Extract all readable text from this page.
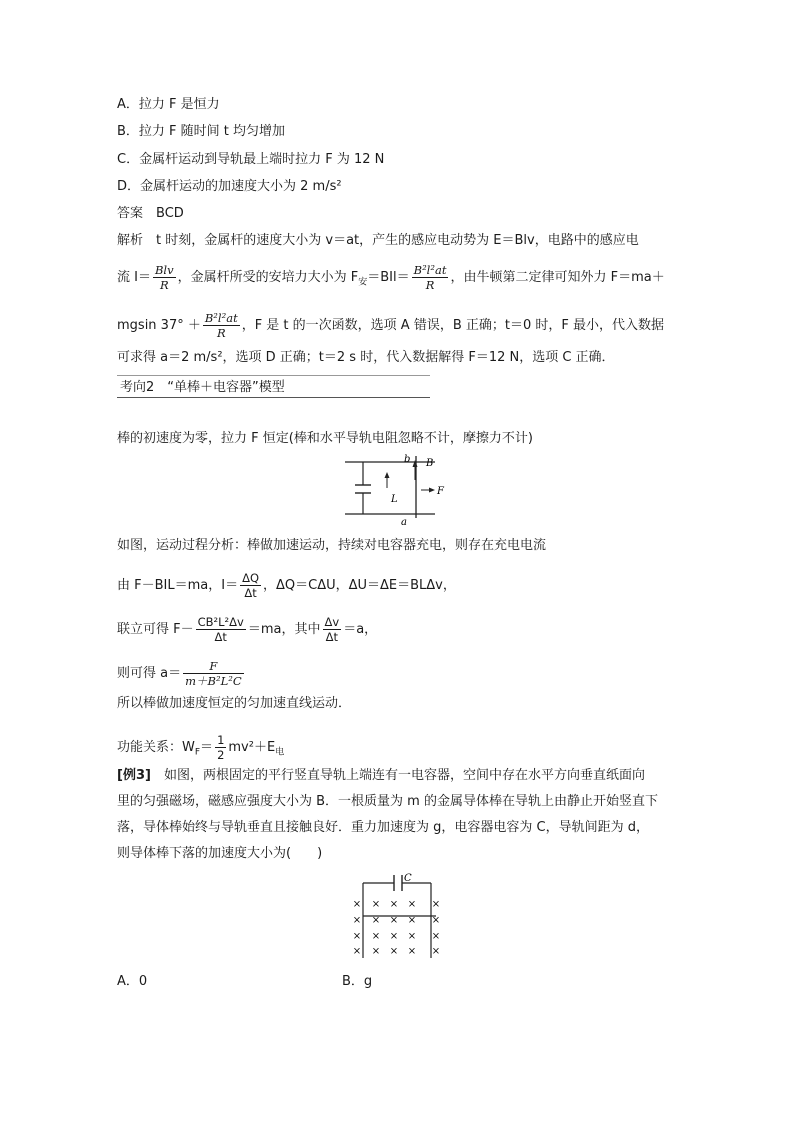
A．拉力 F 是恒力
B．拉力 F 随时间 t 均匀增加
C．金属杆运动到导轨最上端时拉力 F 为 12 N
D．金属杆运动的加速度大小为 2 m/s²
答案　BCD
解析　t 时刻，金属杆的速度大小为 v＝at，产生的感应电动势为 E＝Blv，电路中的感应电
流 $I= \frac{\text{Blv}}{R}$ ，金属杆所受的安培力大小为 $F_安=BIl= \frac{\text{B²l²at}}{R}$ ，由牛顿第二定律可知外力 F＝ma＋
mgsin $37^\circ + \frac{\text{B²l²at}}{R}$ ，F 是 t 的一次函数，选项 A 错误，B 正确；t＝0 时，F 最小，代入数据
可求得 a＝2 m/s²，选项 D 正确；t＝2 s 时，代入数据解得 F＝12 N，选项 C 正确．
考向2　“单棒＋电容器”模型
棒的初速度为零，拉力 F 恒定(棒和水平导轨电阻忽略不计，摩擦力不计)
b B
L
F
a
如图，运动过程分析：棒做加速运动，持续对电容器充电，则存在充电电流
由 F－BIL＝ma，$I= \frac{\Delta Q}{\Delta t}$ ，ΔQ＝CΔU，ΔU＝ΔE＝BLΔv，
联立可得 $F- \frac{\text{CB²L²Δv}}{\Delta t} =ma$，其中 $\frac{\Delta v}{\Delta t} =a$，
则可得 $a= \frac{F}{\text{m＋B²L²C}}$
所以棒做加速度恒定的匀加速直线运动．
功能关系：$W_F= \frac{1}{2} mv^2+E_电$
[例3]　如图，两根固定的平行竖直导轨上端连有一电容器，空间中存在水平方向垂直纸面向
里的匀强磁场，磁感应强度大小为 B．一根质量为 m 的金属导体棒在导轨上由静止开始竖直下
落，导体棒始终与导轨垂直且接触良好．重力加速度为 g，电容器电容为 C，导轨间距为 d，
则导体棒下落的加速度大小为(　　)
C
× × × × ×
× × × × ×
× × × × ×
× × × × ×
A．0	B．g
